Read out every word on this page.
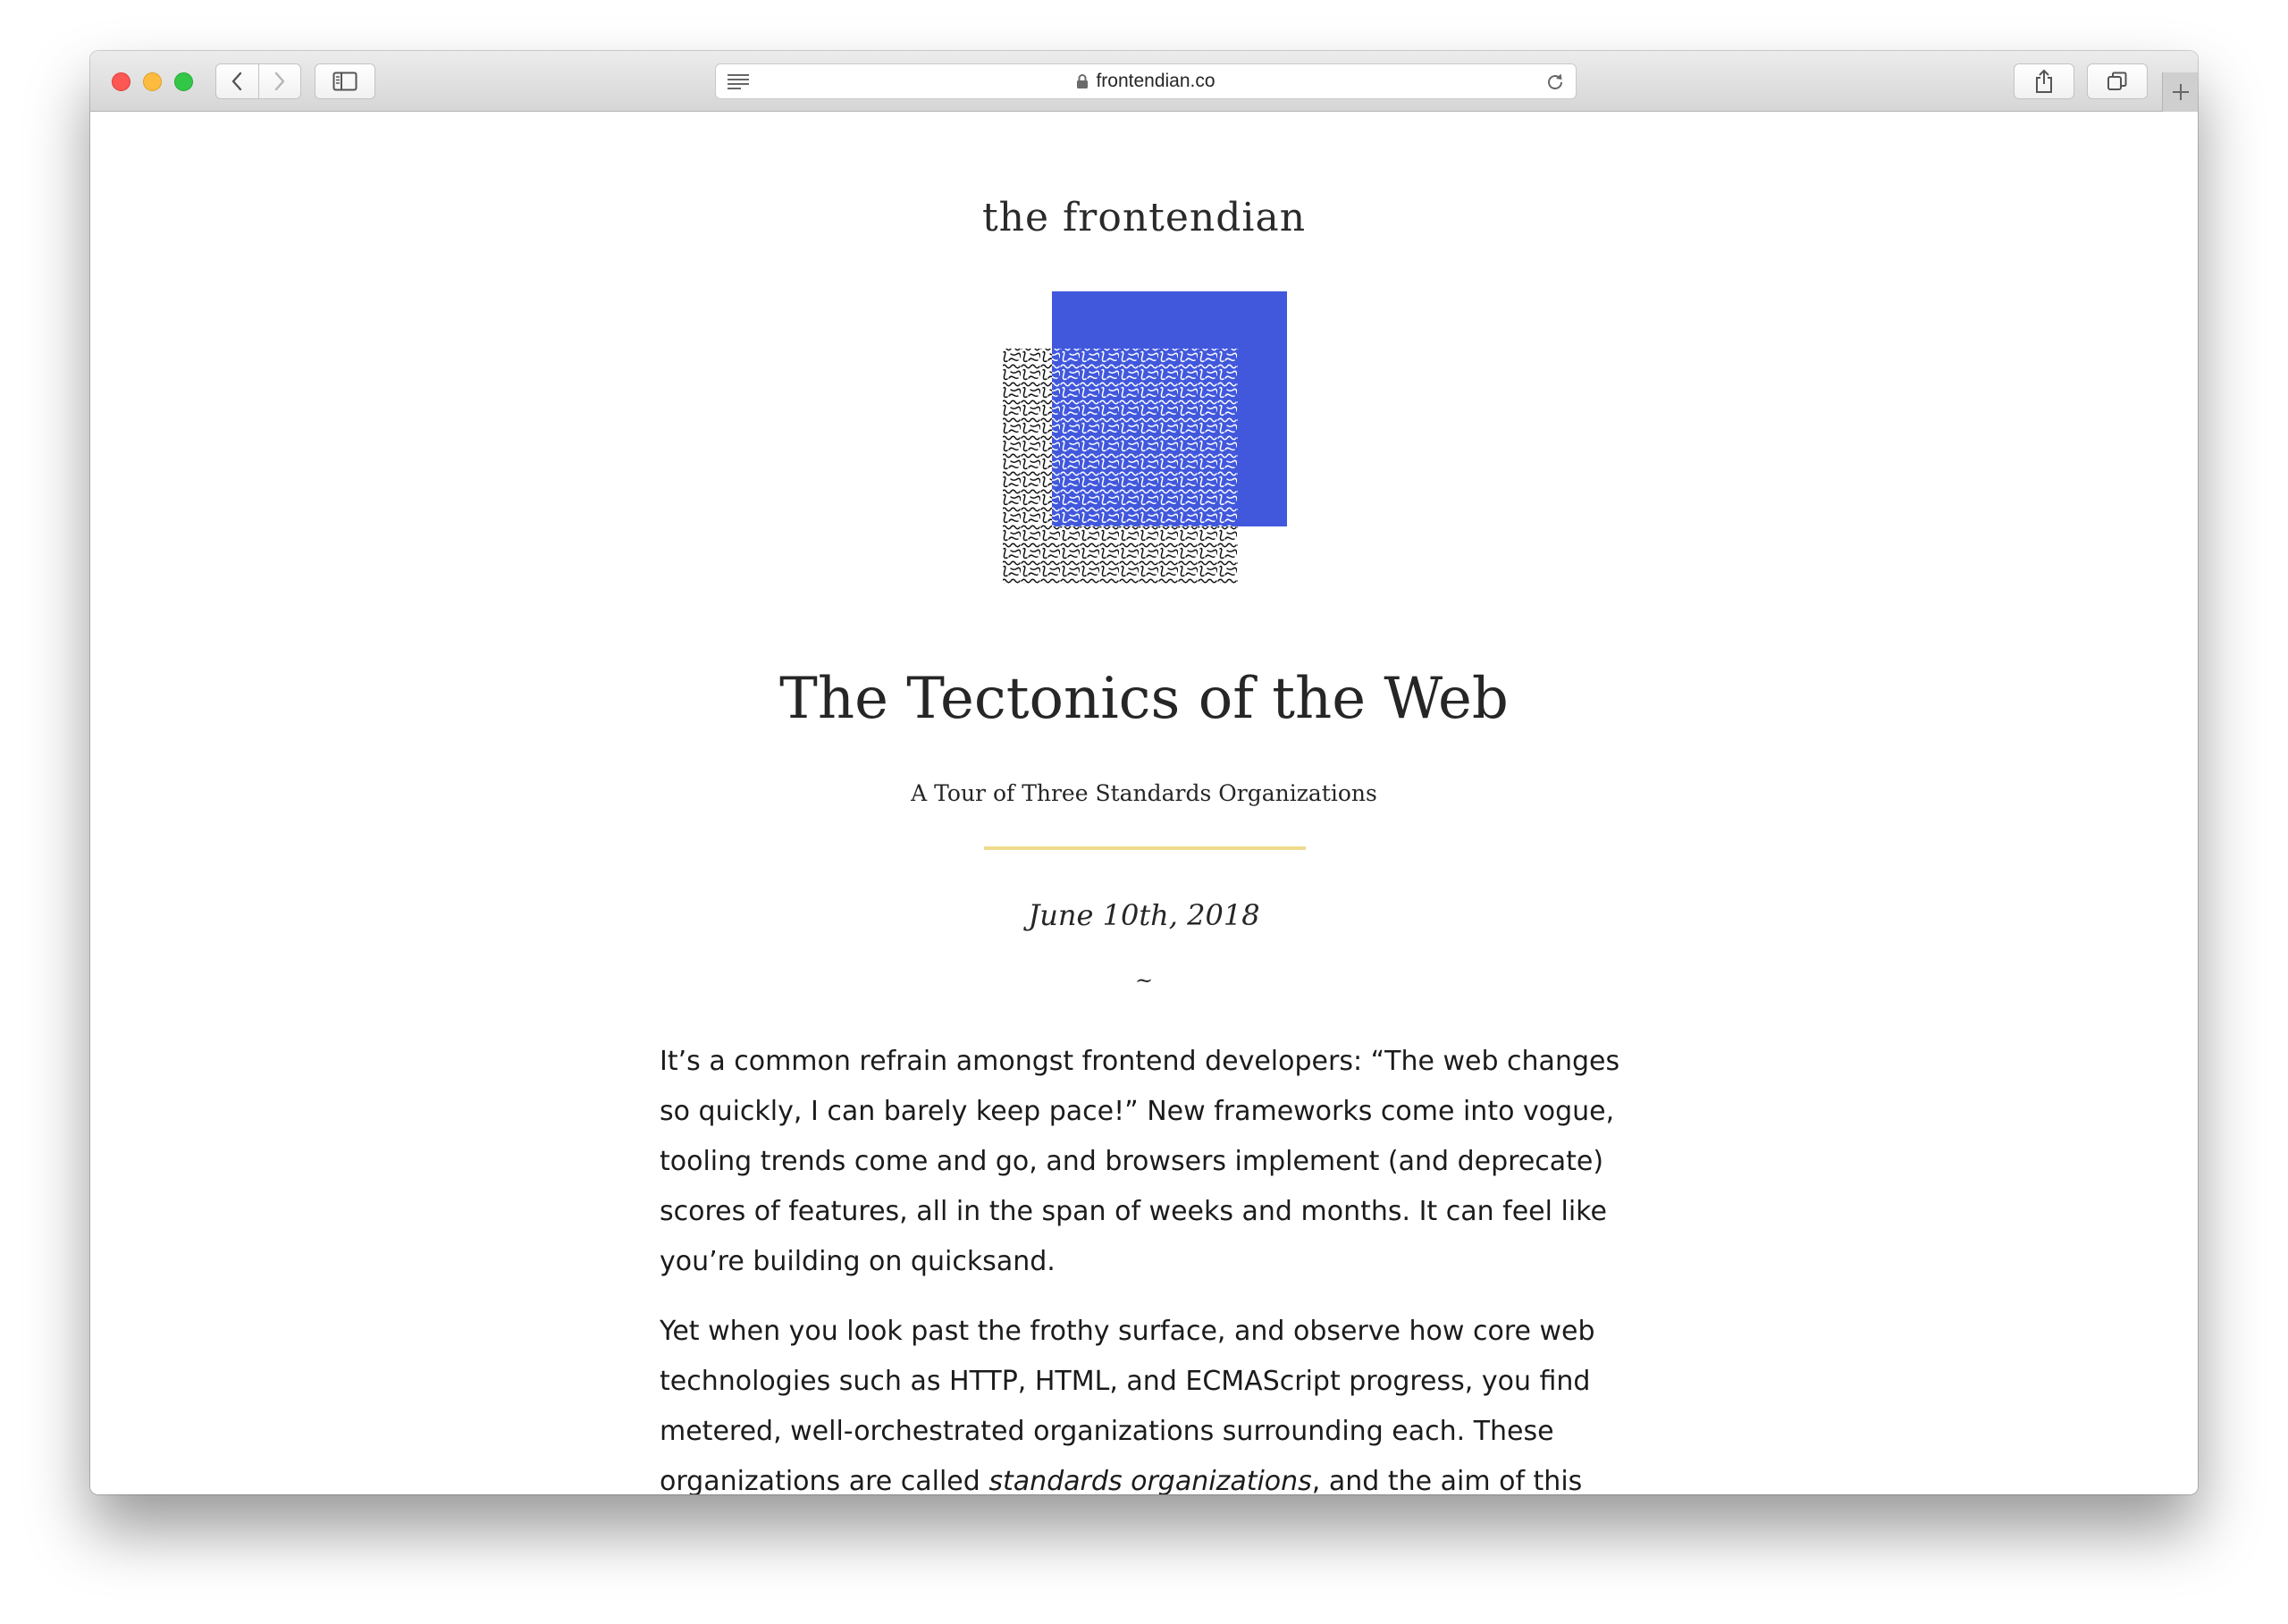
frontendian.co
the frontendian
The Tectonics of the Web
A Tour of Three Standards Organizations
June 10th, 2018
~

It’s a common refrain amongst frontend developers: “The web changes so quickly, I can barely keep pace!” New frameworks come into vogue, tooling trends come and go, and browsers implement (and deprecate) scores of features, all in the span of weeks and months. It can feel like you’re building on quicksand.

Yet when you look past the frothy surface, and observe how core web technologies such as HTTP, HTML, and ECMAScript progress, you find metered, well-orchestrated organizations surrounding each. These organizations are called standards organizations, and the aim of this
